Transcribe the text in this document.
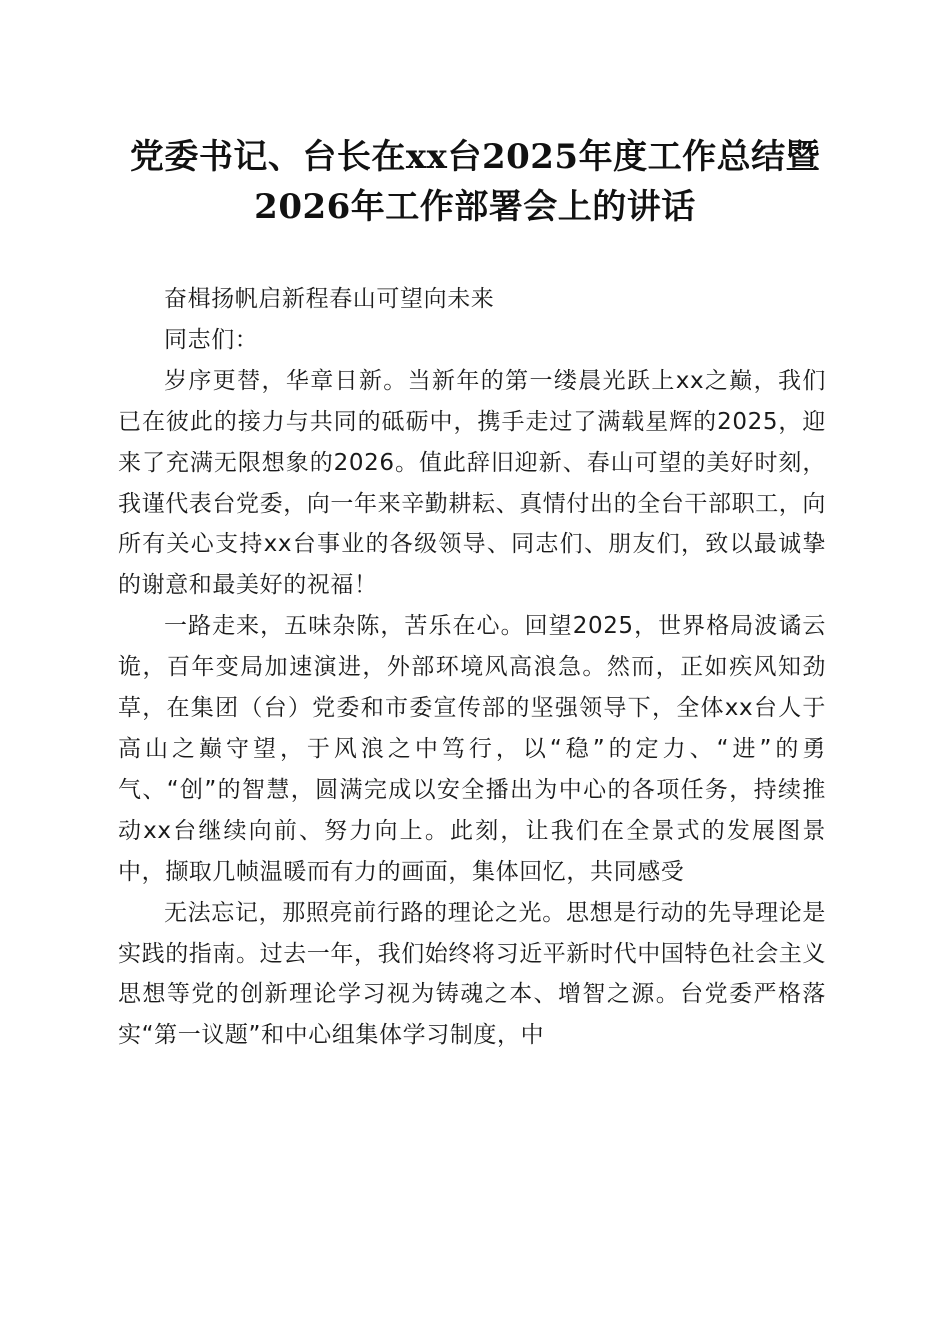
党委书记、台长在xx台2025年度工作总结暨
2026年工作部署会上的讲话

奋楫扬帆启新程春山可望向未来

同志们：

岁序更替，华章日新。当新年的第一缕晨光跃上xx之巅，我们已在彼此的接力与共同的砥砺中，携手走过了满载星辉的2025，迎来了充满无限想象的2026。值此辞旧迎新、春山可望的美好时刻，我谨代表台党委，向一年来辛勤耕耘、真情付出的全台干部职工，向所有关心支持xx台事业的各级领导、同志们、朋友们，致以最诚挚的谢意和最美好的祝福！

一路走来，五味杂陈，苦乐在心。回望2025，世界格局波谲云诡，百年变局加速演进，外部环境风高浪急。然而，正如疾风知劲草，在集团（台）党委和市委宣传部的坚强领导下，全体xx台人于高山之巅守望，于风浪之中笃行，以“稳”的定力、“进”的勇气、“创”的智慧，圆满完成以安全播出为中心的各项任务，持续推动xx台继续向前、努力向上。此刻，让我们在全景式的发展图景中，撷取几帧温暖而有力的画面，集体回忆，共同感受

无法忘记，那照亮前行路的理论之光。思想是行动的先导理论是实践的指南。过去一年，我们始终将习近平新时代中国特色社会主义思想等党的创新理论学习视为铸魂之本、增智之源。台党委严格落实“第一议题”和中心组集体学习制度，中
